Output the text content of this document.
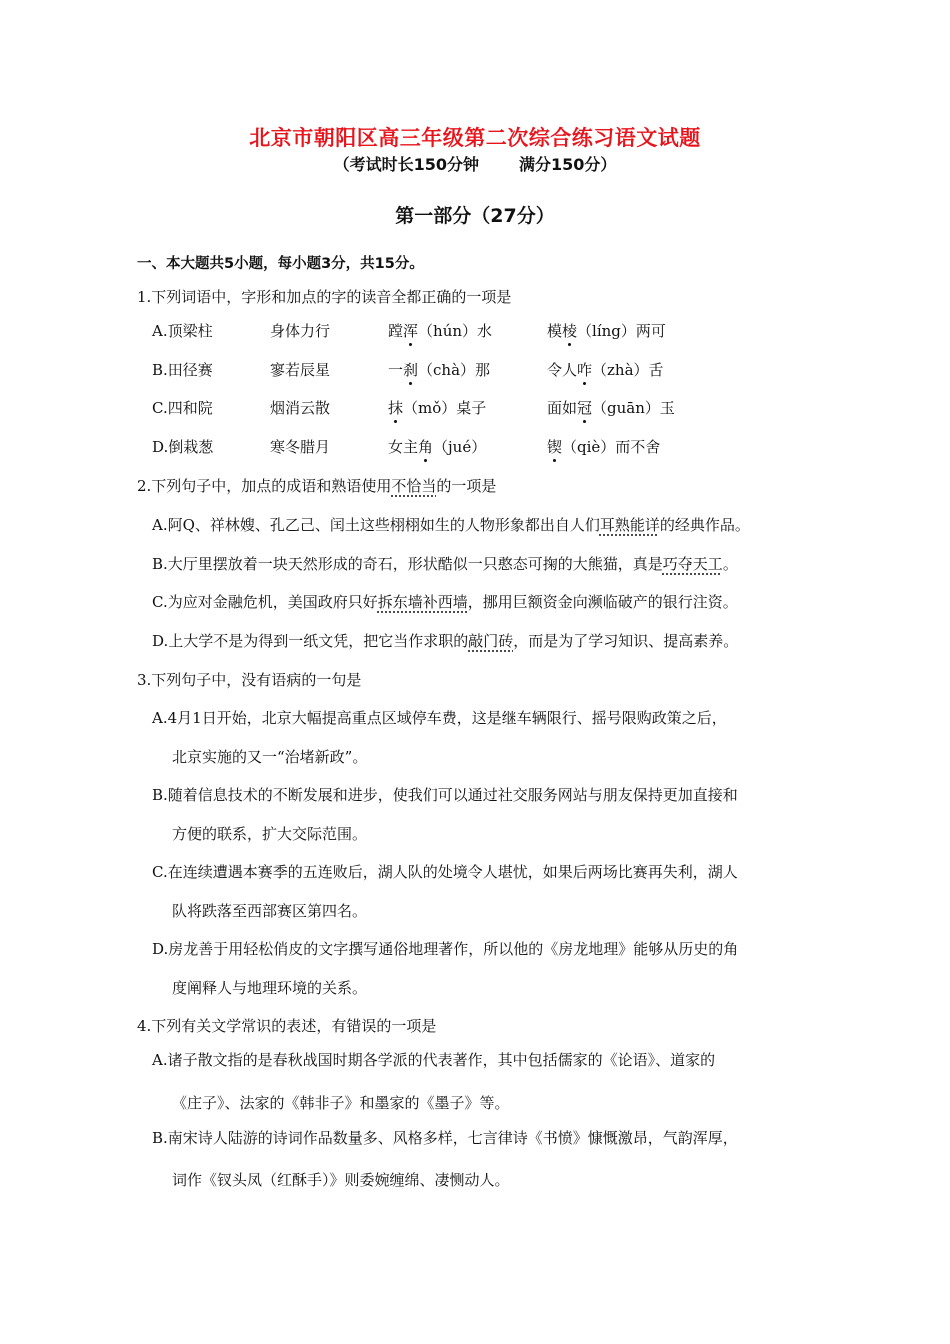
北京市朝阳区高三年级第二次综合练习语文试题
（考试时长150分钟	满分150分）
第一部分（27分）
一、本大题共5小题，每小题3分，共15分。
1.下列词语中，字形和加点的字的读音全都正确的一项是
A.顶梁柱	身体力行	蹚浑（hún）水	模棱（líng）两可
B.田径赛	寥若辰星	一刹（chà）那	令人咋（zhà）舌
C.四和院	烟消云散	抹（mǒ）桌子	面如冠（guān）玉
D.倒栽葱	寒冬腊月	女主角（jué）	锲（qiè）而不舍
2.下列句子中，加点的成语和熟语使用不恰当的一项是
A.阿Q、祥林嫂、孔乙己、闰土这些栩栩如生的人物形象都出自人们耳熟能详的经典作品。
B.大厅里摆放着一块天然形成的奇石，形状酷似一只憨态可掬的大熊猫，真是巧夺天工。
C.为应对金融危机，美国政府只好拆东墙补西墙，挪用巨额资金向濒临破产的银行注资。
D.上大学不是为得到一纸文凭，把它当作求职的敲门砖，而是为了学习知识、提高素养。
3.下列句子中，没有语病的一句是
A.4月1日开始，北京大幅提高重点区域停车费，这是继车辆限行、摇号限购政策之后，
北京实施的又一“治堵新政”。
B.随着信息技术的不断发展和进步，使我们可以通过社交服务网站与朋友保持更加直接和
方便的联系，扩大交际范围。
C.在连续遭遇本赛季的五连败后，湖人队的处境令人堪忧，如果后两场比赛再失利，湖人
队将跌落至西部赛区第四名。
D.房龙善于用轻松俏皮的文字撰写通俗地理著作，所以他的《房龙地理》能够从历史的角
度阐释人与地理环境的关系。
4.下列有关文学常识的表述，有错误的一项是
A.诸子散文指的是春秋战国时期各学派的代表著作，其中包括儒家的《论语》、道家的
《庄子》、法家的《韩非子》和墨家的《墨子》等。
B.南宋诗人陆游的诗词作品数量多、风格多样，七言律诗《书愤》慷慨激昂，气韵浑厚，
词作《钗头凤（红酥手）》则委婉缠绵、凄恻动人。
